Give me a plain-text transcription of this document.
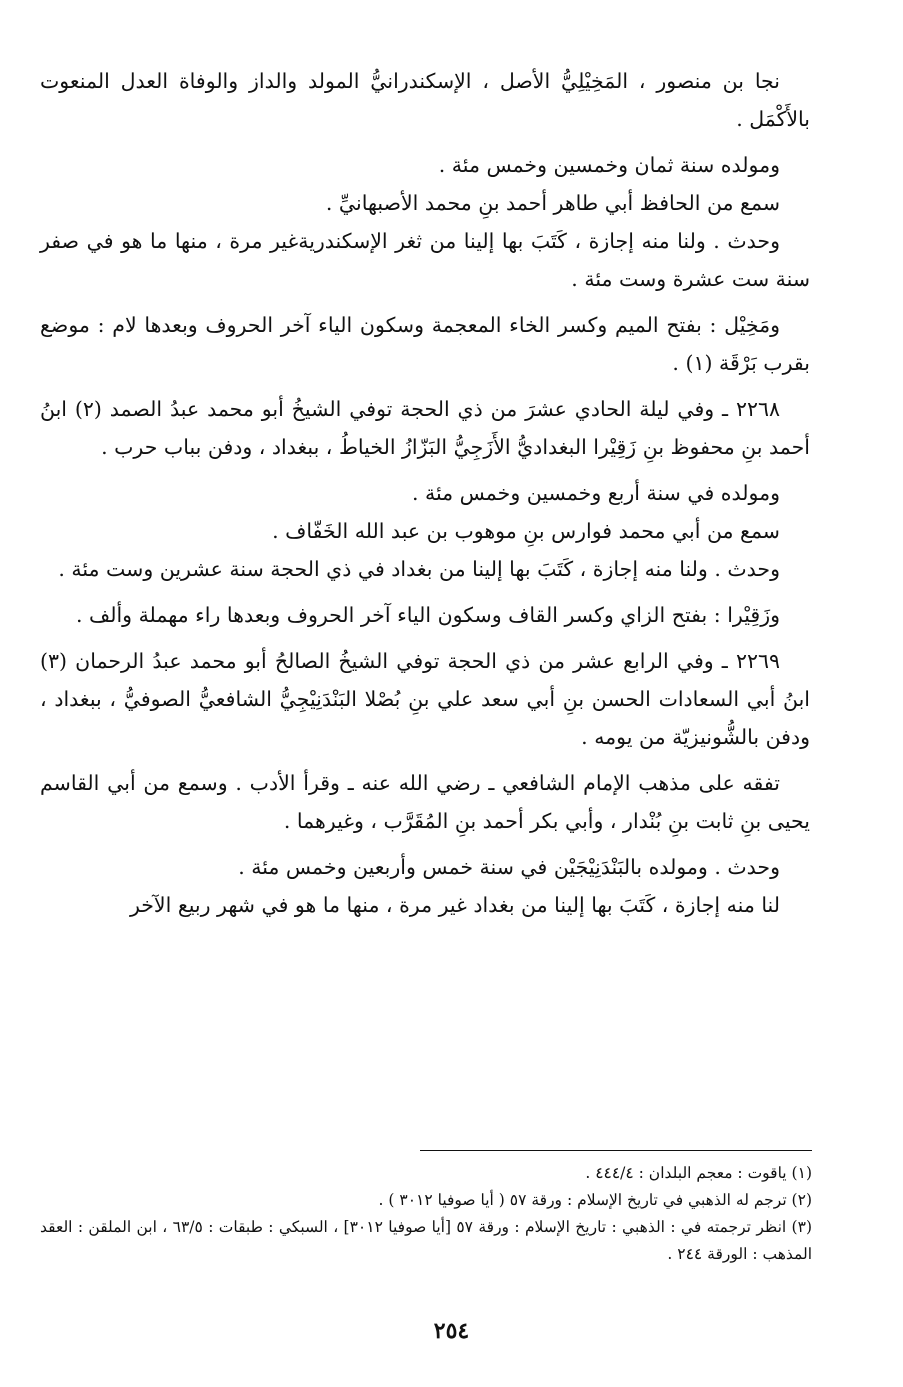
نجا بن منصور ، المَخِيْلِيُّ الأصل ، الإسكندرانيُّ المولد والداز والوفاة العدل المنعوت بالأَكْمَل .

ومولده سنة ثمان وخمسين وخمس مئة .

سمع من الحافظ أبي طاهر أحمد بنِ محمد الأصبهانيِّ .

وحدث . ولنا منه إجازة ، كَتَبَ بها إلينا من ثغر الإسكندريةغير مرة ، منها ما هو في صفر سنة ست عشرة وست مئة .

ومَخِيْل : بفتح الميم وكسر الخاء المعجمة وسكون الياء آخر الحروف وبعدها لام : موضع بقرب بَرْقَة (١) .

٢٢٦٨ ـ وفي ليلة الحادي عشرَ من ذي الحجة توفي الشيخُ أبو محمد عبدُ الصمد (٢) ابنُ أحمد بنِ محفوظ بنِ زَقِيْرا البغداديُّ الأَزَجِيُّ البَزّازُ الخياطُ ، ببغداد ، ودفن بباب حرب .

ومولده في سنة أربع وخمسين وخمس مئة .

سمع من أبي محمد فوارس بنِ موهوب بن عبد الله الخَفّاف .

وحدث . ولنا منه إجازة ، كَتَبَ بها إلينا من بغداد في ذي الحجة سنة عشرين وست مئة .

وزَقِيْرا : بفتح الزاي وكسر القاف وسكون الياء آخر الحروف وبعدها راء مهملة وألف .

٢٢٦٩ ـ وفي الرابع عشر من ذي الحجة توفي الشيخُ الصالحُ أبو محمد عبدُ الرحمان (٣) ابنُ أبي السعادات الحسن بنِ أبي سعد علي بنِ بُصْلا البَنْدَنِيْجِيُّ الشافعيُّ الصوفيُّ ، ببغداد ، ودفن بالشُّونيزيّة من يومه .

تفقه على مذهب الإمام الشافعي ـ رضي الله عنه ـ وقرأ الأدب . وسمع من أبي القاسم يحيى بنِ ثابت بنِ بُنْدار ، وأبي بكر أحمد بنِ المُقَرَّب ، وغيرهما .

وحدث . ومولده بالبَنْدَنِيْجَيْن في سنة خمس وأربعين وخمس مئة .

لنا منه إجازة ، كَتَبَ بها إلينا من بغداد غير مرة ، منها ما هو في شهر ربيع الآخر

(١) ياقوت : معجم البلدان : ٤٤٤/٤ .

(٢) ترجم له الذهبي في تاريخ الإسلام : ورقة ٥٧ ( أيا صوفيا ٣٠١٢ ) .

(٣) انظر ترجمته في : الذهبي : تاريخ الإسلام : ورقة ٥٧ [أيا صوفيا ٣٠١٢] ، السبكي : طبقات : ٦٣/٥ ، ابن الملقن : العقد المذهب : الورقة ٢٤٤ .

٢٥٤
